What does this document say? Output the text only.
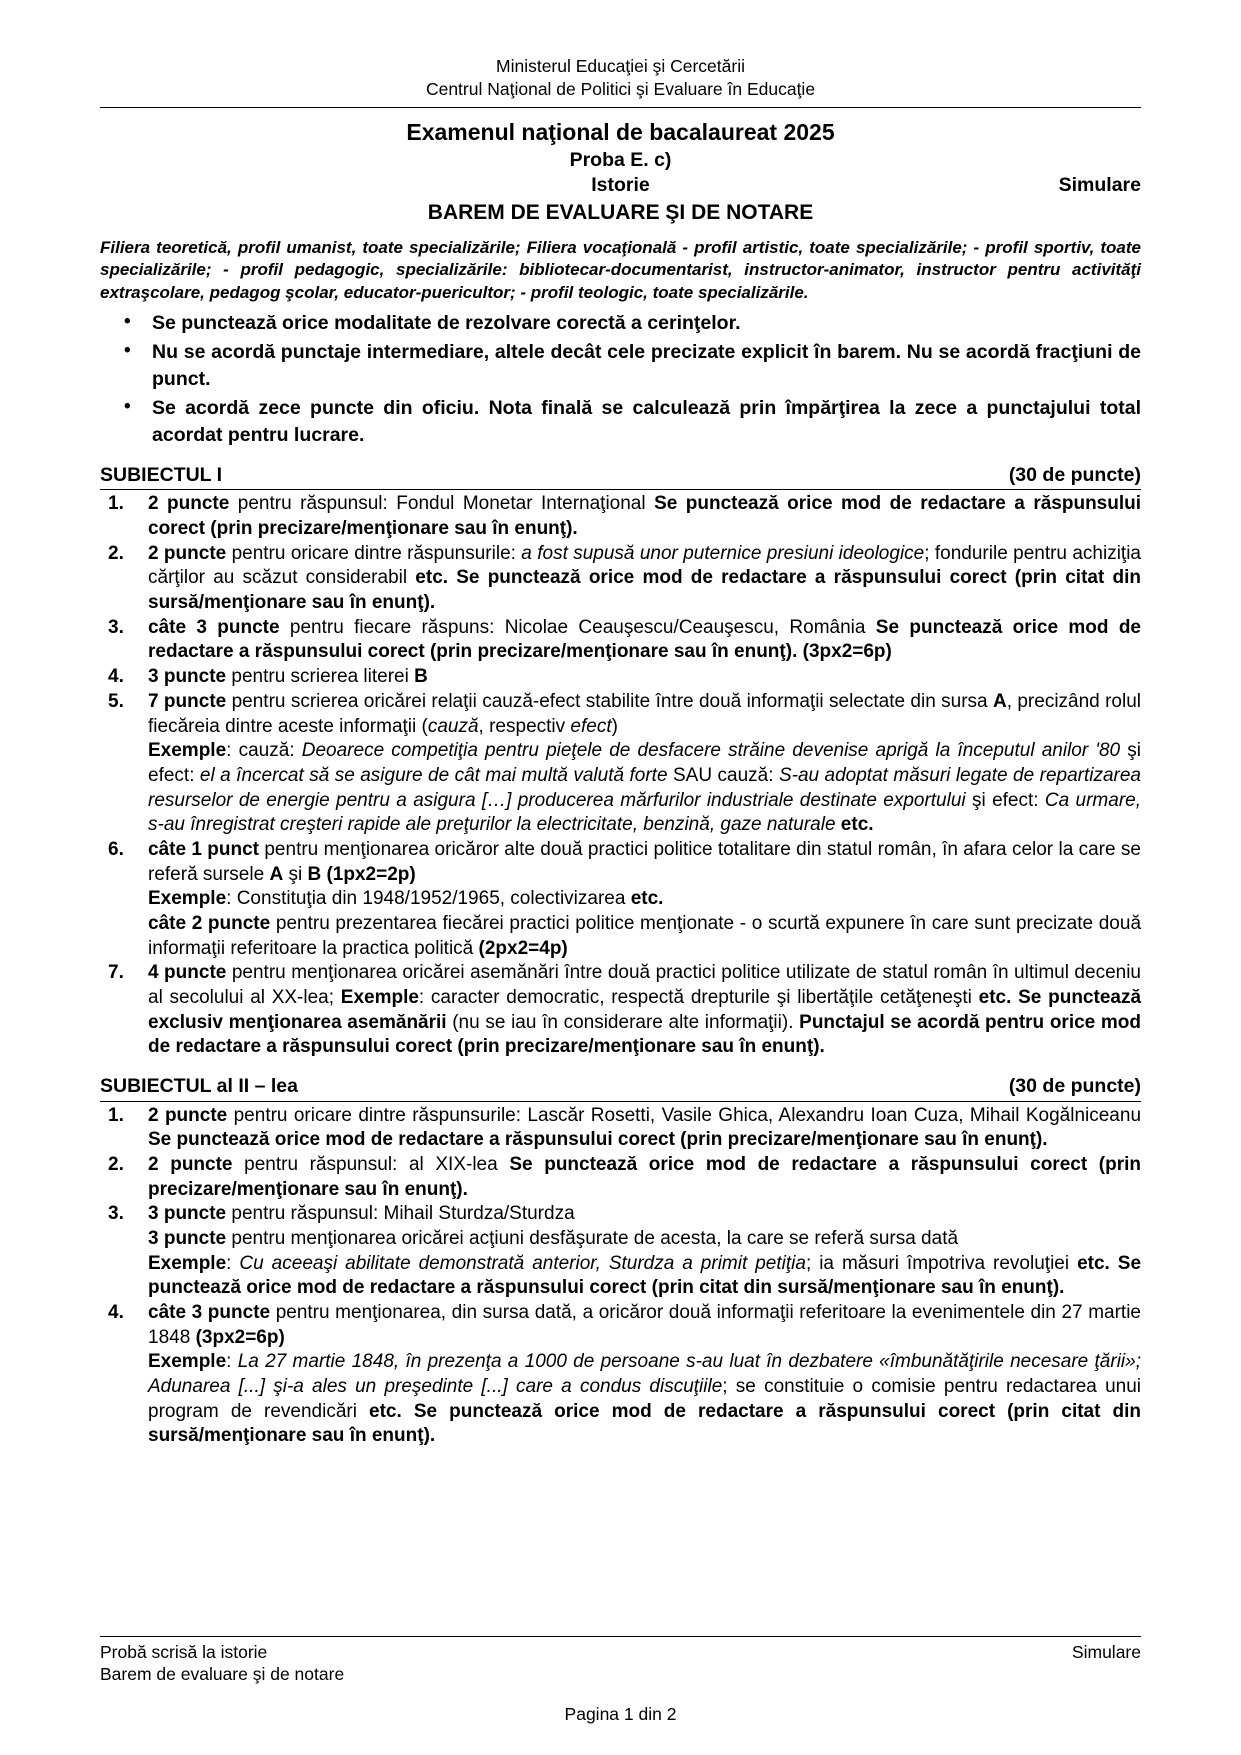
Ministerul Educaţiei şi Cercetării
Centrul Naţional de Politici şi Evaluare în Educaţie
Examenul naţional de bacalaureat 2025
Proba E. c)
Istorie	Simulare
BAREM DE EVALUARE ŞI DE NOTARE
Filiera teoretică, profil umanist, toate specializările; Filiera vocaţională - profil artistic, toate specializările; - profil sportiv, toate specializările; - profil pedagogic, specializările: bibliotecar-documentarist, instructor-animator, instructor pentru activităţi extraşcolare, pedagog şcolar, educator-puericultor; - profil teologic, toate specializările.
• Se punctează orice modalitate de rezolvare corectă a cerinţelor.
• Nu se acordă punctaje intermediare, altele decât cele precizate explicit în barem. Nu se acordă fracţiuni de punct.
• Se acordă zece puncte din oficiu. Nota finală se calculează prin împărţirea la zece a punctajului total acordat pentru lucrare.
SUBIECTUL I	(30 de puncte)
1. 2 puncte pentru răspunsul: Fondul Monetar Internaţional Se punctează orice mod de redactare a răspunsului corect (prin precizare/menţionare sau în enunţ).
2. 2 puncte pentru oricare dintre răspunsurile: a fost supusă unor puternice presiuni ideologice; fondurile pentru achiziţia cărţilor au scăzut considerabil etc. Se punctează orice mod de redactare a răspunsului corect (prin citat din sursă/menţionare sau în enunţ).
3. câte 3 puncte pentru fiecare răspuns: Nicolae Ceauşescu/Ceauşescu, România Se punctează orice mod de redactare a răspunsului corect (prin precizare/menţionare sau în enunţ). (3px2=6p)
4. 3 puncte pentru scrierea literei B
5. 7 puncte pentru scrierea oricărei relaţii cauză-efect stabilite între două informaţii selectate din sursa A, precizând rolul fiecăreia dintre aceste informaţii (cauză, respectiv efect)
Exemple: cauză: Deoarece competiţia pentru pieţele de desfacere străine devenise aprigă la începutul anilor '80 şi efect: el a încercat să se asigure de cât mai multă valută forte SAU cauză: S-au adoptat măsuri legate de repartizarea resurselor de energie pentru a asigura […] producerea mărfurilor industriale destinate exportului şi efect: Ca urmare, s-au înregistrat creşteri rapide ale preţurilor la electricitate, benzină, gaze naturale etc.
6. câte 1 punct pentru menţionarea oricăror alte două practici politice totalitare din statul român, în afara celor la care se referă sursele A şi B (1px2=2p)
Exemple: Constituţia din 1948/1952/1965, colectivizarea etc.
câte 2 puncte pentru prezentarea fiecărei practici politice menţionate - o scurtă expunere în care sunt precizate două informaţii referitoare la practica politică (2px2=4p)
7. 4 puncte pentru menţionarea oricărei asemănări între două practici politice utilizate de statul român în ultimul deceniu al secolului al XX-lea; Exemple: caracter democratic, respectă drepturile şi libertăţile cetăţeneşti etc. Se punctează exclusiv menţionarea asemănării (nu se iau în considerare alte informaţii). Punctajul se acordă pentru orice mod de redactare a răspunsului corect (prin precizare/menţionare sau în enunţ).
SUBIECTUL al II – lea	(30 de puncte)
1. 2 puncte pentru oricare dintre răspunsurile: Lascăr Rosetti, Vasile Ghica, Alexandru Ioan Cuza, Mihail Kogălniceanu Se punctează orice mod de redactare a răspunsului corect (prin precizare/menţionare sau în enunţ).
2. 2 puncte pentru răspunsul: al XIX-lea Se punctează orice mod de redactare a răspunsului corect (prin precizare/menţionare sau în enunţ).
3. 3 puncte pentru răspunsul: Mihail Sturdza/Sturdza
3 puncte pentru menţionarea oricărei acţiuni desfăşurate de acesta, la care se referă sursa dată
Exemple: Cu aceeaşi abilitate demonstrată anterior, Sturdza a primit petiţia; ia măsuri împotriva revoluţiei etc. Se punctează orice mod de redactare a răspunsului corect (prin citat din sursă/menţionare sau în enunţ).
4. câte 3 puncte pentru menţionarea, din sursa dată, a oricăror două informaţii referitoare la evenimentele din 27 martie 1848 (3px2=6p)
Exemple: La 27 martie 1848, în prezenţa a 1000 de persoane s-au luat în dezbatere «îmbunătăţirile necesare ţării»; Adunarea [...] şi-a ales un preşedinte [...] care a condus discuţiile; se constituie o comisie pentru redactarea unui program de revendicări etc. Se punctează orice mod de redactare a răspunsului corect (prin citat din sursă/menţionare sau în enunţ).
Probă scrisă la istorie	Simulare
Barem de evaluare şi de notare
Pagina 1 din 2
